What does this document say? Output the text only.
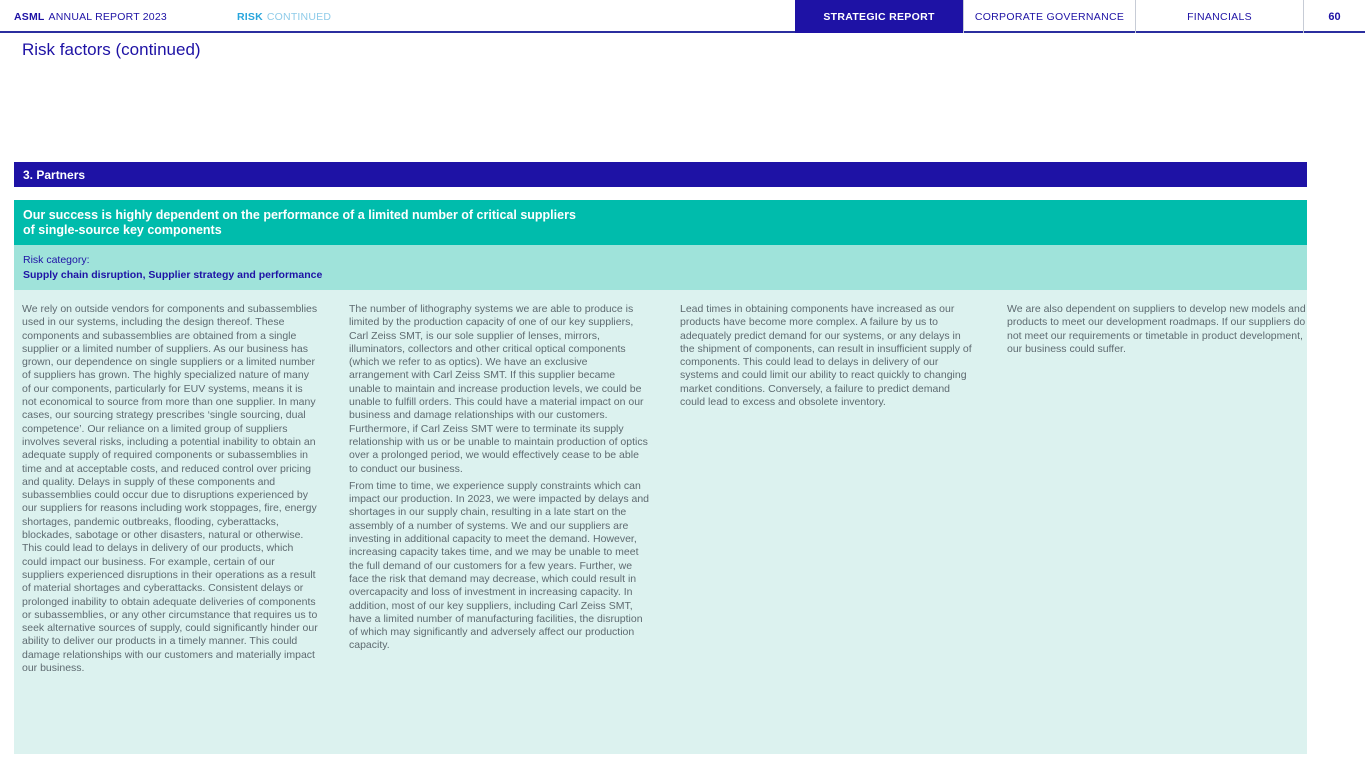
ASML ANNUAL REPORT 2023	RISK CONTINUED	STRATEGIC REPORT	CORPORATE GOVERNANCE	FINANCIALS	60
Risk factors (continued)
3. Partners
Our success is highly dependent on the performance of a limited number of critical suppliers
of single-source key components
Risk category:
Supply chain disruption, Supplier strategy and performance

We rely on outside vendors for components and subassemblies used in our systems, including the design thereof. These components and subassemblies are obtained from a single supplier or a limited number of suppliers. As our business has grown, our dependence on single suppliers or a limited number of suppliers has grown. The highly specialized nature of many of our components, particularly for EUV systems, means it is not economical to source from more than one supplier. In many cases, our sourcing strategy prescribes ‘single sourcing, dual competence’. Our reliance on a limited group of suppliers involves several risks, including a potential inability to obtain an adequate supply of required components or subassemblies in time and at acceptable costs, and reduced control over pricing and quality. Delays in supply of these components and subassemblies could occur due to disruptions experienced by our suppliers for reasons including work stoppages, fire, energy shortages, pandemic outbreaks, flooding, cyberattacks, blockades, sabotage or other disasters, natural or otherwise. This could lead to delays in delivery of our products, which could impact our business. For example, certain of our suppliers experienced disruptions in their operations as a result of material shortages and cyberattacks. Consistent delays or prolonged inability to obtain adequate deliveries of components or subassemblies, or any other circumstance that requires us to seek alternative sources of supply, could significantly hinder our ability to deliver our products in a timely manner. This could damage relationships with our customers and materially impact our business.

The number of lithography systems we are able to produce is limited by the production capacity of one of our key suppliers, Carl Zeiss SMT, is our sole supplier of lenses, mirrors, illuminators, collectors and other critical optical components (which we refer to as optics). We have an exclusive arrangement with Carl Zeiss SMT. If this supplier became unable to maintain and increase production levels, we could be unable to fulfill orders. This could have a material impact on our business and damage relationships with our customers. Furthermore, if Carl Zeiss SMT were to terminate its supply relationship with us or be unable to maintain production of optics over a prolonged period, we would effectively cease to be able to conduct our business.

From time to time, we experience supply constraints which can impact our production. In 2023, we were impacted by delays and shortages in our supply chain, resulting in a late start on the assembly of a number of systems. We and our suppliers are investing in additional capacity to meet the demand. However, increasing capacity takes time, and we may be unable to meet the full demand of our customers for a few years. Further, we face the risk that demand may decrease, which could result in overcapacity and loss of investment in increasing capacity. In addition, most of our key suppliers, including Carl Zeiss SMT, have a limited number of manufacturing facilities, the disruption of which may significantly and adversely affect our production capacity.

Lead times in obtaining components have increased as our products have become more complex. A failure by us to adequately predict demand for our systems, or any delays in the shipment of components, can result in insufficient supply of components. This could lead to delays in delivery of our systems and could limit our ability to react quickly to changing market conditions. Conversely, a failure to predict demand could lead to excess and obsolete inventory.

We are also dependent on suppliers to develop new models and products to meet our development roadmaps. If our suppliers do not meet our requirements or timetable in product development, our business could suffer.
